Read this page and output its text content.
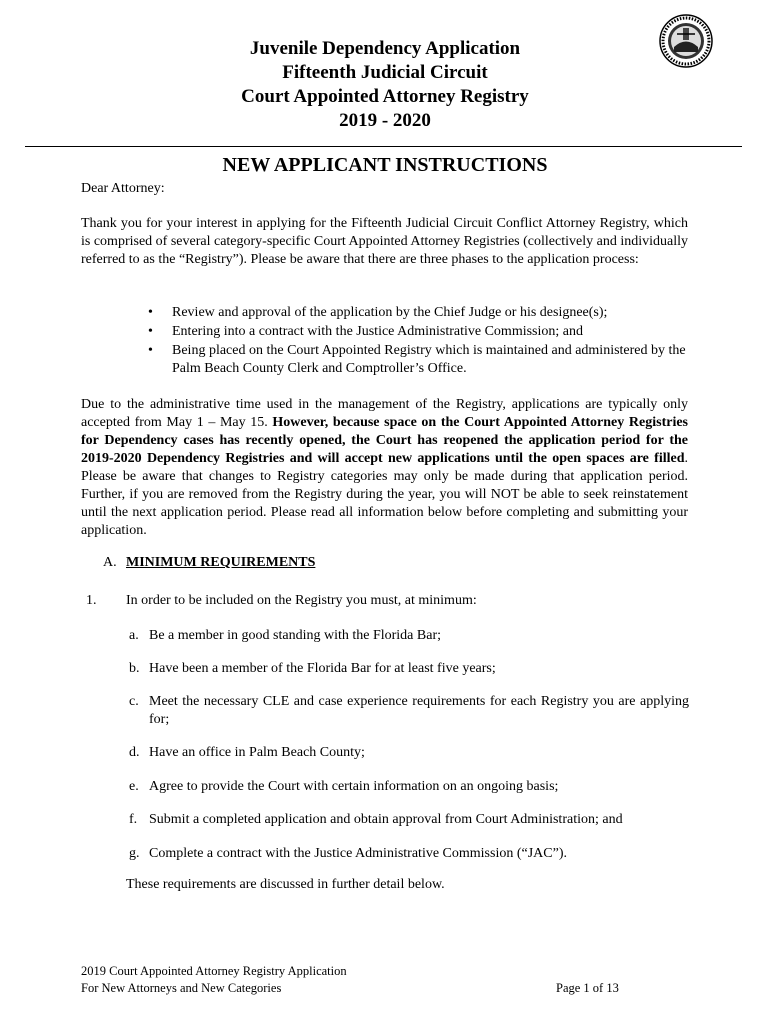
Juvenile Dependency Application
Fifteenth Judicial Circuit
Court Appointed Attorney Registry
2019 - 2020
NEW APPLICANT INSTRUCTIONS
Dear Attorney:
Thank you for your interest in applying for the Fifteenth Judicial Circuit Conflict Attorney Registry, which is comprised of several category-specific Court Appointed Attorney Registries (collectively and individually referred to as the “Registry”). Please be aware that there are three phases to the application process:
• Review and approval of the application by the Chief Judge or his designee(s);
• Entering into a contract with the Justice Administrative Commission; and
• Being placed on the Court Appointed Registry which is maintained and administered by the Palm Beach County Clerk and Comptroller’s Office.
Due to the administrative time used in the management of the Registry, applications are typically only accepted from May 1 – May 15. However, because space on the Court Appointed Attorney Registries for Dependency cases has recently opened, the Court has reopened the application period for the 2019-2020 Dependency Registries and will accept new applications until the open spaces are filled. Please be aware that changes to Registry categories may only be made during that application period. Further, if you are removed from the Registry during the year, you will NOT be able to seek reinstatement until the next application period. Please read all information below before completing and submitting your application.
A. MINIMUM REQUIREMENTS
1. In order to be included on the Registry you must, at minimum:
a. Be a member in good standing with the Florida Bar;
b. Have been a member of the Florida Bar for at least five years;
c. Meet the necessary CLE and case experience requirements for each Registry you are applying for;
d. Have an office in Palm Beach County;
e. Agree to provide the Court with certain information on an ongoing basis;
f. Submit a completed application and obtain approval from Court Administration; and
g. Complete a contract with the Justice Administrative Commission (“JAC”).
These requirements are discussed in further detail below.
2019 Court Appointed Attorney Registry Application
For New Attorneys and New Categories	Page 1 of 13
